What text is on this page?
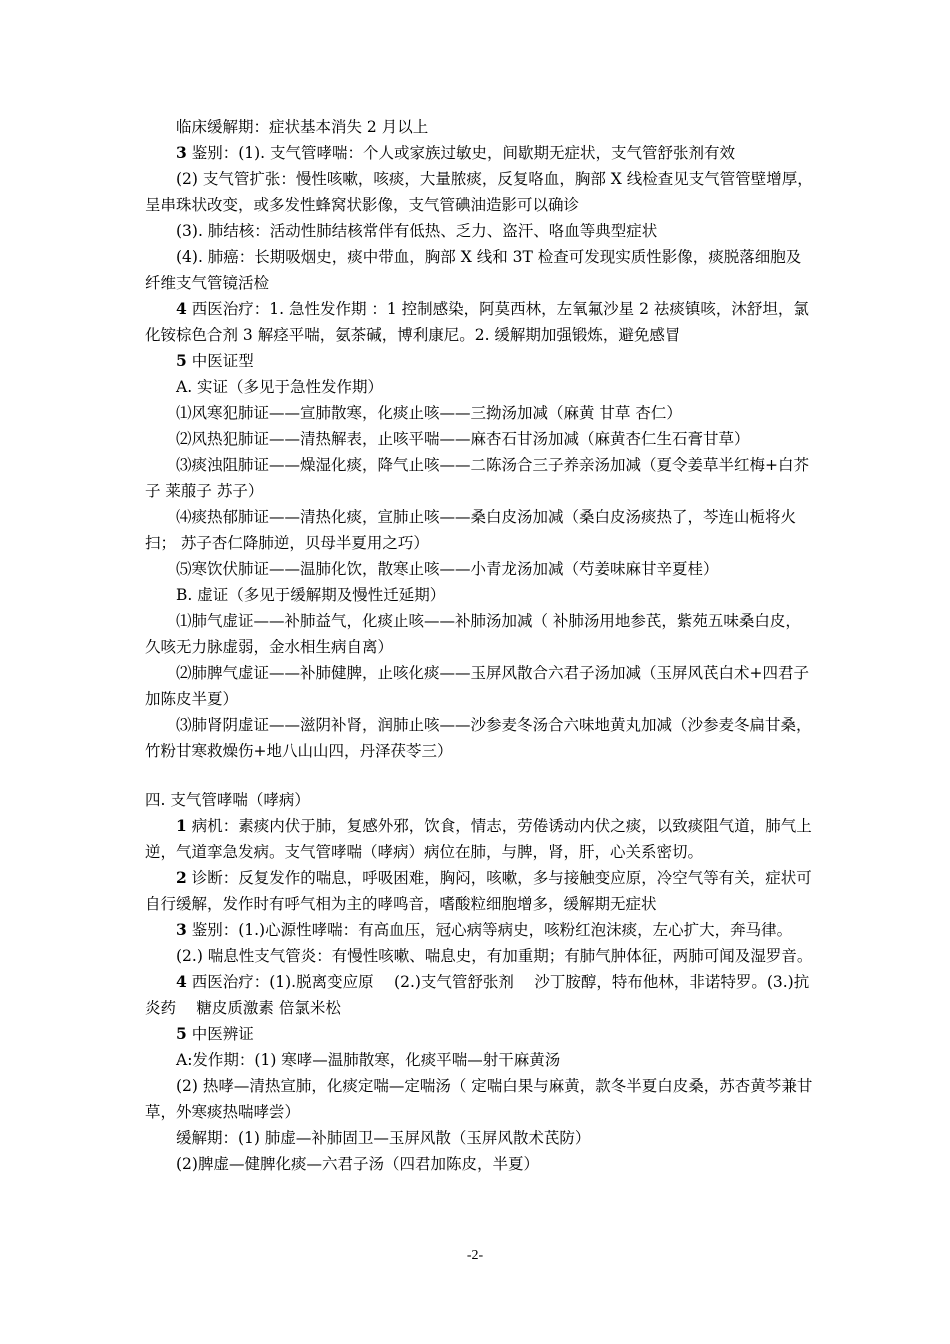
临床缓解期：症状基本消失 2 月以上

3 鉴别：(1). 支气管哮喘：个人或家族过敏史，间歇期无症状，支气管舒张剂有效

(2) 支气管扩张：慢性咳嗽，咳痰，大量脓痰，反复咯血，胸部 X 线检查见支气管管壁增厚，呈串珠状改变，或多发性蜂窝状影像，支气管碘油造影可以确诊

(3). 肺结核：活动性肺结核常伴有低热、乏力、盗汗、咯血等典型症状

(4). 肺癌：长期吸烟史，痰中带血，胸部 X 线和 3T 检查可发现实质性影像，痰脱落细胞及纤维支气管镜活检

4 西医治疗：1. 急性发作期 ：1 控制感染，阿莫西林，左氧氟沙星 2 祛痰镇咳，沐舒坦，氯化铵棕色合剂 3 解痉平喘，氨茶碱，博利康尼。2. 缓解期加强锻炼，避免感冒

5 中医证型

A. 实证（多见于急性发作期）

⑴风寒犯肺证——宣肺散寒，化痰止咳——三拗汤加减（麻黄 甘草 杏仁）

⑵风热犯肺证——清热解表，止咳平喘——麻杏石甘汤加减（麻黄杏仁生石膏甘草）

⑶痰浊阻肺证——燥湿化痰，降气止咳——二陈汤合三子养亲汤加减（夏令姜草半红梅+白芥子 莱菔子 苏子）

⑷痰热郁肺证——清热化痰，宣肺止咳——桑白皮汤加减（桑白皮汤痰热了，芩连山栀将火扫； 苏子杏仁降肺逆，贝母半夏用之巧）

⑸寒饮伏肺证——温肺化饮，散寒止咳——小青龙汤加减（芍姜味麻甘辛夏桂）

B. 虚证（多见于缓解期及慢性迁延期）

⑴肺气虚证——补肺益气，化痰止咳——补肺汤加减（ 补肺汤用地参芪，紫苑五味桑白皮，久咳无力脉虚弱，金水相生病自离）

⑵肺脾气虚证——补肺健脾，止咳化痰——玉屏风散合六君子汤加减（玉屏风芪白术+四君子加陈皮半夏）

⑶肺肾阴虚证——滋阴补肾，润肺止咳——沙参麦冬汤合六味地黄丸加减（沙参麦冬扁甘桑，竹粉甘寒救燥伤+地八山山四，丹泽茯苓三）

四. 支气管哮喘（哮病）

1 病机：素痰内伏于肺，复感外邪，饮食，情志，劳倦诱动内伏之痰，以致痰阻气道，肺气上逆，气道挛急发病。支气管哮喘（哮病）病位在肺，与脾，肾，肝，心关系密切。

2 诊断：反复发作的喘息，呼吸困难，胸闷，咳嗽，多与接触变应原，冷空气等有关，症状可自行缓解，发作时有呼气相为主的哮鸣音，嗜酸粒细胞增多，缓解期无症状

3 鉴别：(1.)心源性哮喘：有高血压，冠心病等病史，咳粉红泡沫痰，左心扩大，奔马律。

(2.) 喘息性支气管炎：有慢性咳嗽、喘息史，有加重期；有肺气肿体征，两肺可闻及湿罗音。

4 西医治疗：(1).脱离变应原 　(2.)支气管舒张剂 　沙丁胺醇，特布他林，非诺特罗。(3.)抗炎药 　糖皮质激素 倍氯米松

5 中医辨证

A:发作期：(1) 寒哮—温肺散寒，化痰平喘—射干麻黄汤

(2) 热哮—清热宣肺，化痰定喘—定喘汤（ 定喘白果与麻黄，款冬半夏白皮桑，苏杏黄芩兼甘草，外寒痰热喘哮尝）

缓解期：(1) 肺虚—补肺固卫—玉屏风散（玉屏风散术芪防）

(2)脾虚—健脾化痰—六君子汤（四君加陈皮，半夏）

-2-
